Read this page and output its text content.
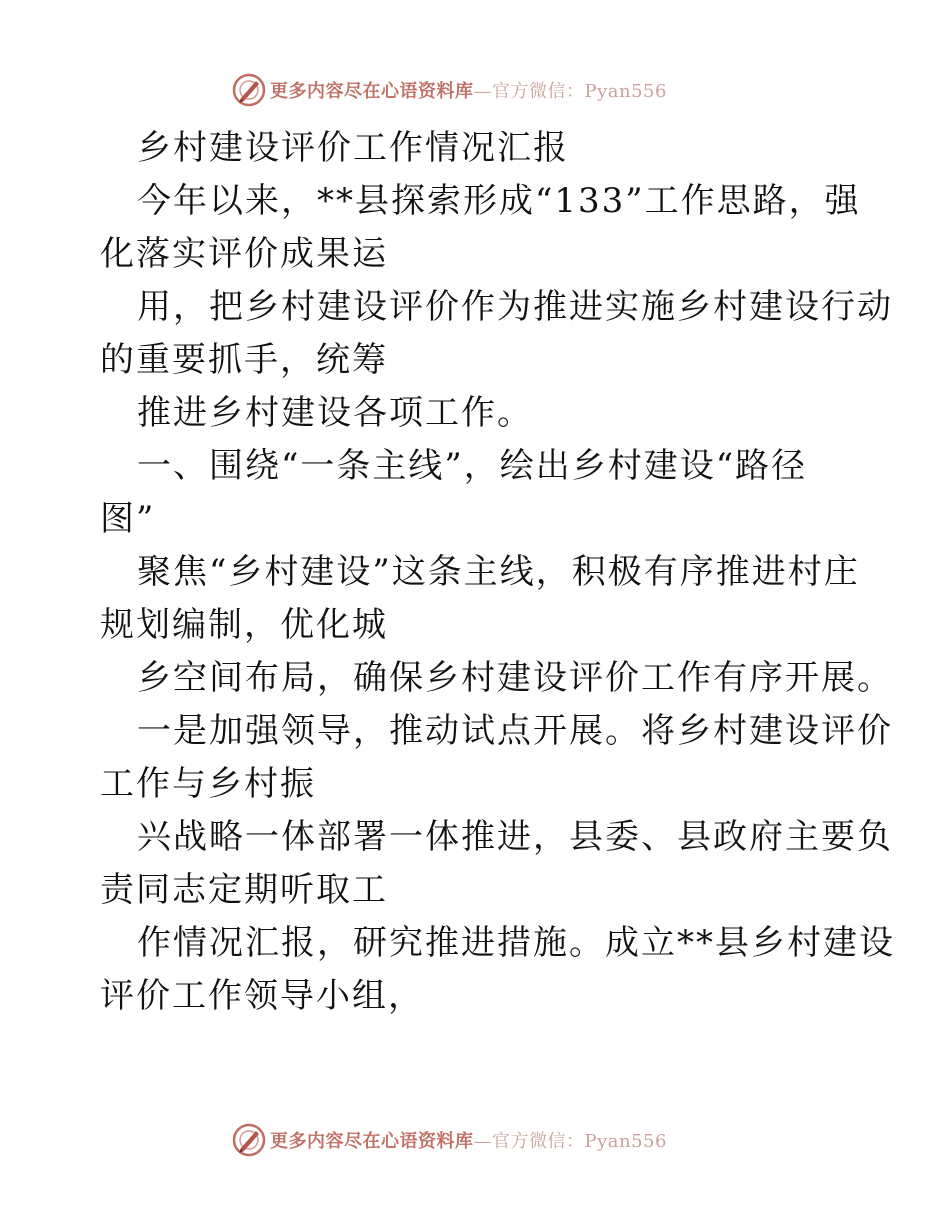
更多内容尽在心语资料库—官方微信：Pyan556
乡村建设评价工作情况汇报
今年以来，**县探索形成“133”工作思路，强
化落实评价成果运
用，把乡村建设评价作为推进实施乡村建设行动
的重要抓手，统筹
推进乡村建设各项工作。
一、围绕“一条主线”，绘出乡村建设“路径
图”
聚焦“乡村建设”这条主线，积极有序推进村庄
规划编制，优化城
乡空间布局，确保乡村建设评价工作有序开展。
一是加强领导，推动试点开展。将乡村建设评价
工作与乡村振
兴战略一体部署一体推进，县委、县政府主要负
责同志定期听取工
作情况汇报，研究推进措施。成立**县乡村建设
评价工作领导小组，
更多内容尽在心语资料库—官方微信：Pyan556
